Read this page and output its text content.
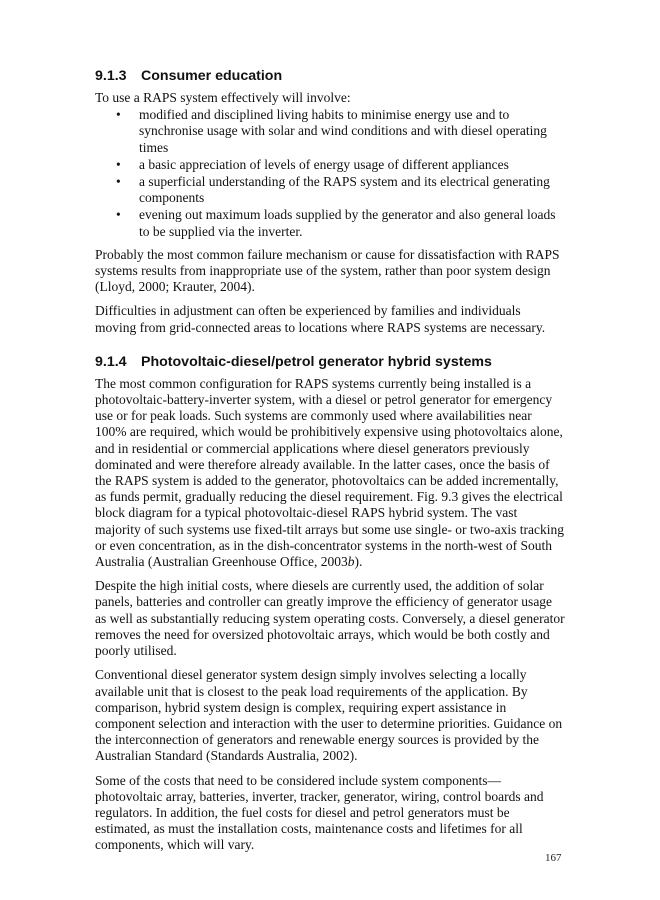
9.1.3 Consumer education

To use a RAPS system effectively will involve:

• modified and disciplined living habits to minimise energy use and to synchronise usage with solar and wind conditions and with diesel operating times
• a basic appreciation of levels of energy usage of different appliances
• a superficial understanding of the RAPS system and its electrical generating components
• evening out maximum loads supplied by the generator and also general loads to be supplied via the inverter.

Probably the most common failure mechanism or cause for dissatisfaction with RAPS systems results from inappropriate use of the system, rather than poor system design (Lloyd, 2000; Krauter, 2004).

Difficulties in adjustment can often be experienced by families and individuals moving from grid-connected areas to locations where RAPS systems are necessary.

9.1.4 Photovoltaic-diesel/petrol generator hybrid systems

The most common configuration for RAPS systems currently being installed is a photovoltaic-battery-inverter system, with a diesel or petrol generator for emergency use or for peak loads. Such systems are commonly used where availabilities near 100% are required, which would be prohibitively expensive using photovoltaics alone, and in residential or commercial applications where diesel generators previously dominated and were therefore already available. In the latter cases, once the basis of the RAPS system is added to the generator, photovoltaics can be added incrementally, as funds permit, gradually reducing the diesel requirement. Fig. 9.3 gives the electrical block diagram for a typical photovoltaic-diesel RAPS hybrid system. The vast majority of such systems use fixed-tilt arrays but some use single- or two-axis tracking or even concentration, as in the dish-concentrator systems in the north-west of South Australia (Australian Greenhouse Office, 2003b).

Despite the high initial costs, where diesels are currently used, the addition of solar panels, batteries and controller can greatly improve the efficiency of generator usage as well as substantially reducing system operating costs. Conversely, a diesel generator removes the need for oversized photovoltaic arrays, which would be both costly and poorly utilised.

Conventional diesel generator system design simply involves selecting a locally available unit that is closest to the peak load requirements of the application. By comparison, hybrid system design is complex, requiring expert assistance in component selection and interaction with the user to determine priorities. Guidance on the interconnection of generators and renewable energy sources is provided by the Australian Standard (Standards Australia, 2002).

Some of the costs that need to be considered include system components—photovoltaic array, batteries, inverter, tracker, generator, wiring, control boards and regulators. In addition, the fuel costs for diesel and petrol generators must be estimated, as must the installation costs, maintenance costs and lifetimes for all components, which will vary.

167
